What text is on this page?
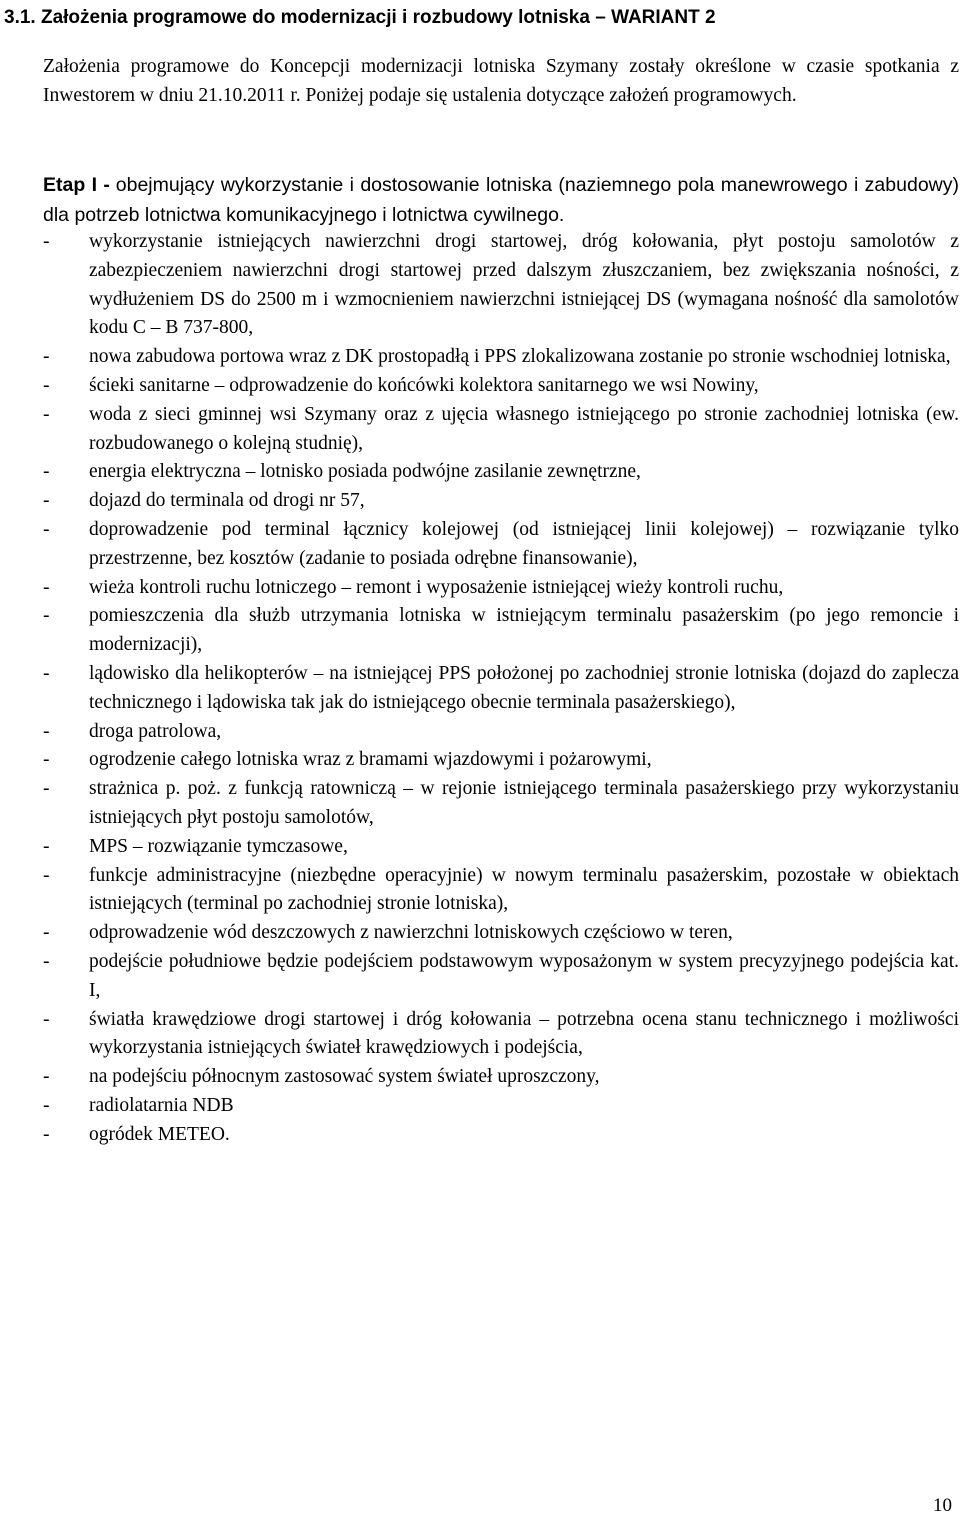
3.1. Założenia programowe do modernizacji i rozbudowy lotniska – WARIANT 2
Założenia programowe do Koncepcji modernizacji lotniska Szymany zostały określone w czasie spotkania z Inwestorem w dniu 21.10.2011 r. Poniżej podaje się ustalenia dotyczące założeń programowych.
Etap I - obejmujący wykorzystanie i dostosowanie lotniska (naziemnego pola manewrowego i zabudowy) dla potrzeb lotnictwa komunikacyjnego i lotnictwa cywilnego.
- wykorzystanie istniejących nawierzchni drogi startowej, dróg kołowania, płyt postoju samolotów z zabezpieczeniem nawierzchni drogi startowej przed dalszym złuszczaniem, bez zwiększania nośności, z wydłużeniem DS do 2500 m i wzmocnieniem nawierzchni istniejącej DS (wymagana nośność dla samolotów kodu C – B 737-800,
- nowa zabudowa portowa wraz z DK prostopadłą i PPS zlokalizowana zostanie po stronie wschodniej lotniska,
- ścieki sanitarne – odprowadzenie do końcówki kolektora sanitarnego we wsi Nowiny,
- woda z sieci gminnej wsi Szymany oraz z ujęcia własnego istniejącego po stronie zachodniej lotniska (ew. rozbudowanego o kolejną studnię),
- energia elektryczna – lotnisko posiada podwójne zasilanie zewnętrzne,
- dojazd do terminala od drogi nr 57,
- doprowadzenie pod terminal łącznicy kolejowej (od istniejącej linii kolejowej) – rozwiązanie tylko przestrzenne, bez kosztów (zadanie to posiada odrębne finansowanie),
- wieża kontroli ruchu lotniczego – remont i wyposażenie istniejącej wieży kontroli ruchu,
- pomieszczenia dla służb utrzymania lotniska w istniejącym terminalu pasażerskim (po jego remoncie i modernizacji),
- lądowisko dla helikopterów – na istniejącej PPS położonej po zachodniej stronie lotniska (dojazd do zaplecza technicznego i lądowiska tak jak do istniejącego obecnie terminala pasażerskiego),
- droga patrolowa,
- ogrodzenie całego lotniska wraz z bramami wjazdowymi i pożarowymi,
- strażnica p. poż. z funkcją ratowniczą – w rejonie istniejącego terminala pasażerskiego przy wykorzystaniu istniejących płyt postoju samolotów,
- MPS – rozwiązanie tymczasowe,
- funkcje administracyjne (niezbędne operacyjnie) w nowym terminalu pasażerskim, pozostałe w obiektach istniejących (terminal po zachodniej stronie lotniska),
- odprowadzenie wód deszczowych z nawierzchni lotniskowych częściowo w teren,
- podejście południowe będzie podejściem podstawowym wyposażonym w system precyzyjnego podejścia kat. I,
- światła krawędziowe drogi startowej i dróg kołowania – potrzebna ocena stanu technicznego i możliwości wykorzystania istniejących świateł krawędziowych i podejścia,
- na podejściu północnym zastosować system świateł uproszczony,
- radiolatarnia NDB
- ogródek METEO.
10
